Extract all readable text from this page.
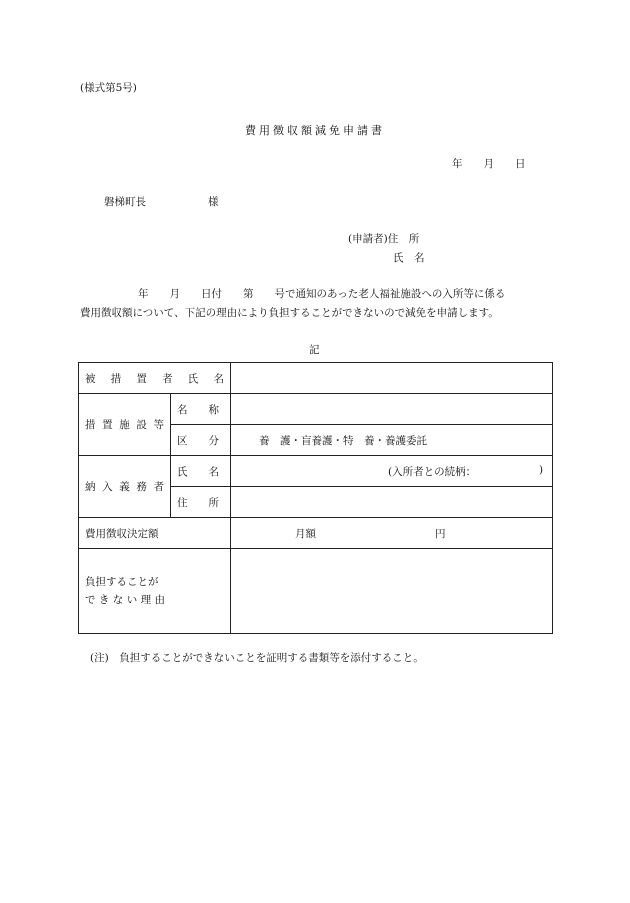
(様式第5号)
費用徴収額減免申請書
年　　月　　日
磐梯町長	様
(申請者)住　所
氏　名
年　　月　　日付　　第　　号で通知のあった老人福祉施設への入所等に係る
費用徴収額について、下記の理由により負担することができないので減免を申請します。
記
被措置者氏名		

措置施設等	名　　称	
	区　　分	養　護・盲養護・特　養・養護委託

納入義務者	氏　　名	(入所者との続柄： )

	住　　所	
費用徴収決定額		月額 円

負担することが
できない理由		

(注)　負担することができないことを証明する書類等を添付すること。
